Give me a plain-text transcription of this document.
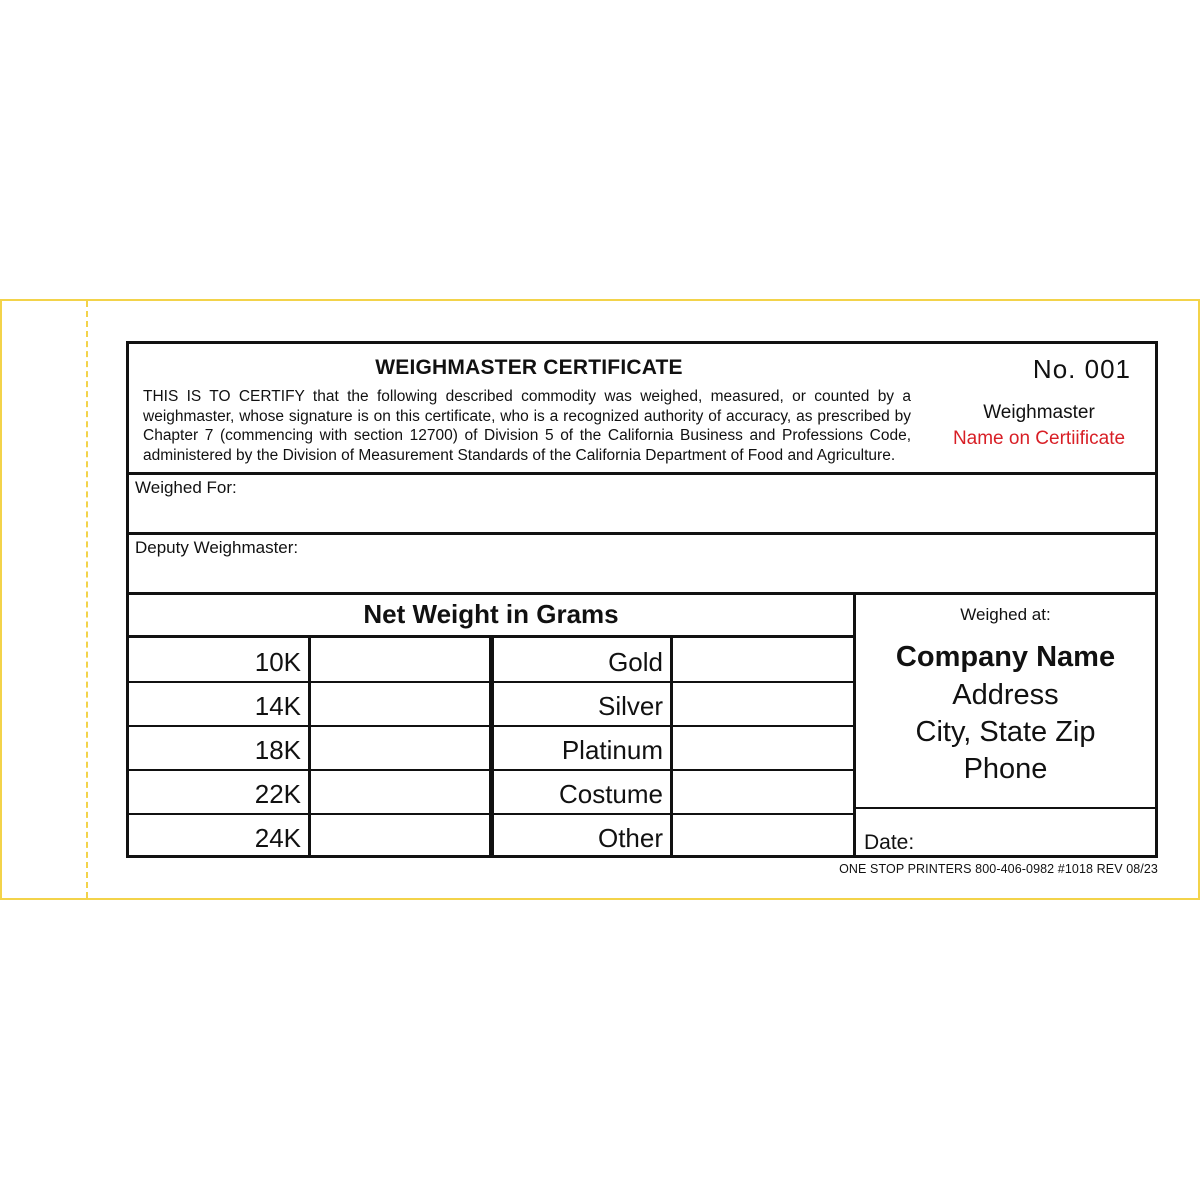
WEIGHMASTER CERTIFICATE
THIS IS TO CERTIFY that the following described commodity was weighed, measured, or counted by a
weighmaster, whose signature is on this certificate, who is a recognized authority of accuracy, as prescribed by
Chapter 7 (commencing with section 12700) of Division 5 of the California Business and Professions Code,
administered by the Division of Measurement Standards of the California Department of Food and Agriculture.
No. 001
Weighmaster
Name on Certiificate
Weighed For:
Deputy Weighmaster:
Net Weight in Grams
10K
14K
18K
22K
24K
Gold
Silver
Platinum
Costume
Other
Weighed at:
Company Name
Address
City, State Zip
Phone
Date:
ONE STOP PRINTERS 800-406-0982 #1018 REV 08/23
